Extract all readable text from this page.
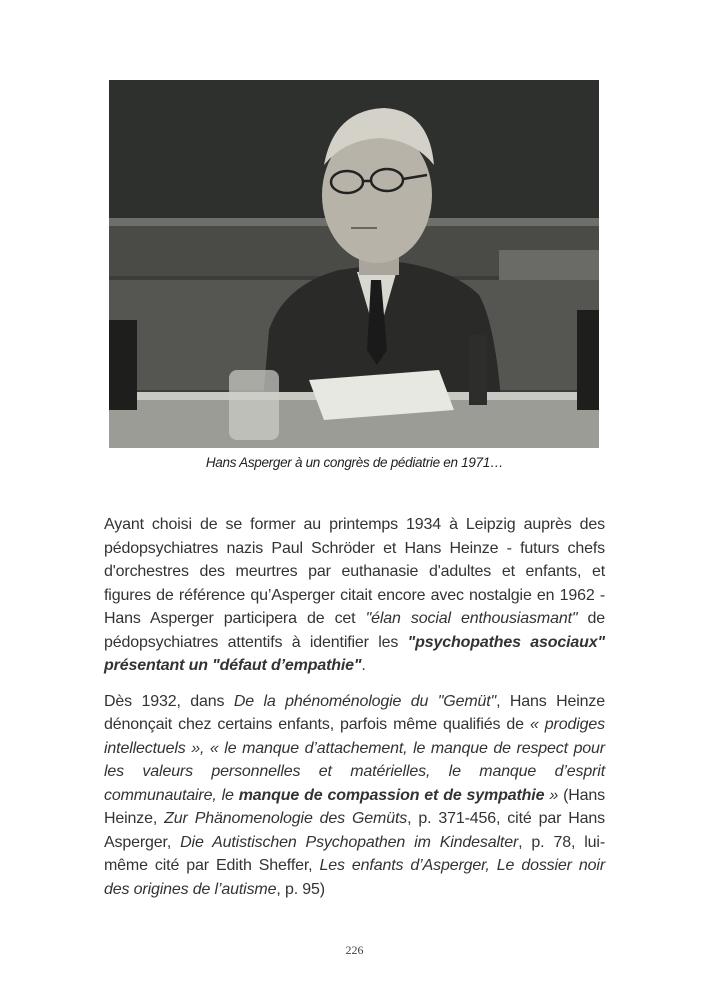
Hans Asperger à un congrès de pédiatrie en 1971…

Ayant choisi de se former au printemps 1934 à Leipzig auprès des pédopsychiatres nazis Paul Schröder et Hans Heinze - futurs chefs d'orchestres des meurtres par euthanasie d'adultes et enfants, et figures de référence qu’Asperger citait encore avec nostalgie en 1962 - Hans Asperger participera de cet "élan social enthousiasmant" de pédopsychiatres attentifs à identifier les "psychopathes asociaux" présentant un "défaut d’empathie".

Dès 1932, dans De la phénoménologie du "Gemüt", Hans Heinze dénonçait chez certains enfants, parfois même qualifiés de « prodiges intellectuels », « le manque d’attachement, le manque de respect pour les valeurs personnelles et matérielles, le manque d’esprit communautaire, le manque de compassion et de sympathie » (Hans Heinze, Zur Phänomenologie des Gemüts, p. 371-456, cité par Hans Asperger, Die Autistischen Psychopathen im Kindesalter, p. 78, lui-même cité par Edith Sheffer, Les enfants d’Asperger, Le dossier noir des origines de l’autisme, p. 95)

226
